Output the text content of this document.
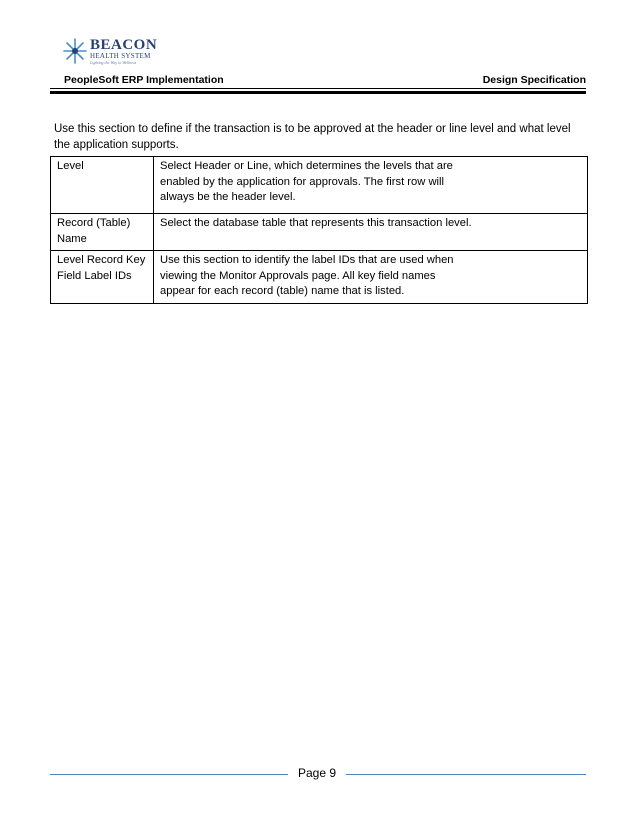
BEACON
HEALTH SYSTEM
Lighting the Way to Wellness
PeopleSoft ERP Implementation	Design Specification
Use this section to define if the transaction is to be approved at the header or line level and what level the application supports.
Level	Select Header or Line, which determines the levels that are
enabled by the application for approvals. The first row will
always be the header level.
Record (Table)
Name	Select the database table that represents this transaction level.
Level Record Key
Field Label IDs	Use this section to identify the label IDs that are used when
viewing the Monitor Approvals page. All key field names
appear for each record (table) name that is listed.
Page 9
